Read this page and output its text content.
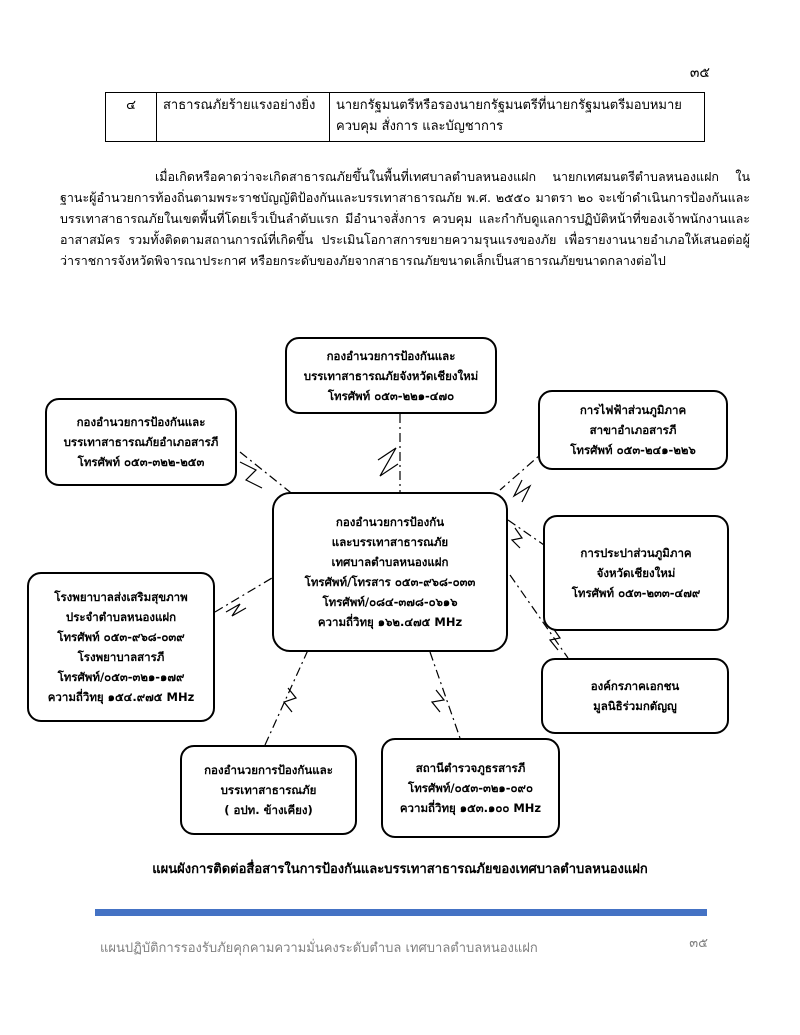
๓๕
๔	สาธารณภัยร้ายแรงอย่างยิ่ง	นายกรัฐมนตรีหรือรองนายกรัฐมนตรีที่นายกรัฐมนตรีมอบหมาย ควบคุม สั่งการ และบัญชาการ
เมื่อเกิดหรือคาดว่าจะเกิดสาธารณภัยขึ้นในพื้นที่เทศบาลตำบลหนองแฝก นายกเทศมนตรีตำบลหนองแฝก ในฐานะผู้อำนวยการท้องถิ่นตามพระราชบัญญัติป้องกันและบรรเทาสาธารณภัย พ.ศ. ๒๕๕๐ มาตรา ๒๐ จะเข้าดำเนินการป้องกันและบรรเทาสาธารณภัยในเขตพื้นที่โดยเร็วเป็นลำดับแรก มีอำนาจสั่งการ ควบคุม และกำกับดูแลการปฏิบัติหน้าที่ของเจ้าพนักงานและอาสาสมัคร รวมทั้งติดตามสถานการณ์ที่เกิดขึ้น ประเมินโอกาสการขยายความรุนแรงของภัย เพื่อรายงานนายอำเภอให้เสนอต่อผู้ว่าราชการจังหวัดพิจารณาประกาศ หรือยกระดับของภัยจากสาธารณภัยขนาดเล็กเป็นสาธารณภัยขนาดกลางต่อไป
กองอำนวยการป้องกันและ
บรรเทาสาธารณภัยจังหวัดเชียงใหม่
โทรศัพท์ ๐๕๓-๒๒๑-๔๗๐
กองอำนวยการป้องกันและ
บรรเทาสาธารณภัยอำเภอสารภี
โทรศัพท์ ๐๕๓-๓๒๒-๒๕๓
การไฟฟ้าส่วนภูมิภาค
สาขาอำเภอสารภี
โทรศัพท์ ๐๕๓-๒๔๑-๒๒๖
กองอำนวยการป้องกัน
และบรรเทาสาธารณภัย
เทศบาลตำบลหนองแฝก
โทรศัพท์/โทรสาร ๐๕๓-๙๖๘-๐๓๓
โทรศัพท์/๐๘๔-๓๗๘-๐๖๑๖
ความถี่วิทยุ ๑๖๒.๔๗๕ MHz
การประปาส่วนภูมิภาค
จังหวัดเชียงใหม่
โทรศัพท์ ๐๕๓-๒๓๓-๔๗๙
โรงพยาบาลส่งเสริมสุขภาพ
ประจำตำบลหนองแฝก
โทรศัพท์ ๐๕๓-๙๖๘-๐๓๙
โรงพยาบาลสารภี
โทรศัพท์/๐๕๓-๓๒๑-๑๗๙
ความถี่วิทยุ ๑๕๔.๙๗๕ MHz
องค์กรภาคเอกชน
มูลนิธิร่วมกตัญญู
กองอำนวยการป้องกันและ
บรรเทาสาธารณภัย
( อปท. ข้างเคียง)
สถานีตำรวจภูธรสารภี
โทรศัพท์/๐๕๓-๓๒๑-๐๙๐
ความถี่วิทยุ ๑๕๓.๑๐๐ MHz
แผนผังการติดต่อสื่อสารในการป้องกันและบรรเทาสาธารณภัยของเทศบาลตำบลหนองแฝก
แผนปฏิบัติการรองรับภัยคุกคามความมั่นคงระดับตำบล เทศบาลตำบลหนองแฝก	๓๕
